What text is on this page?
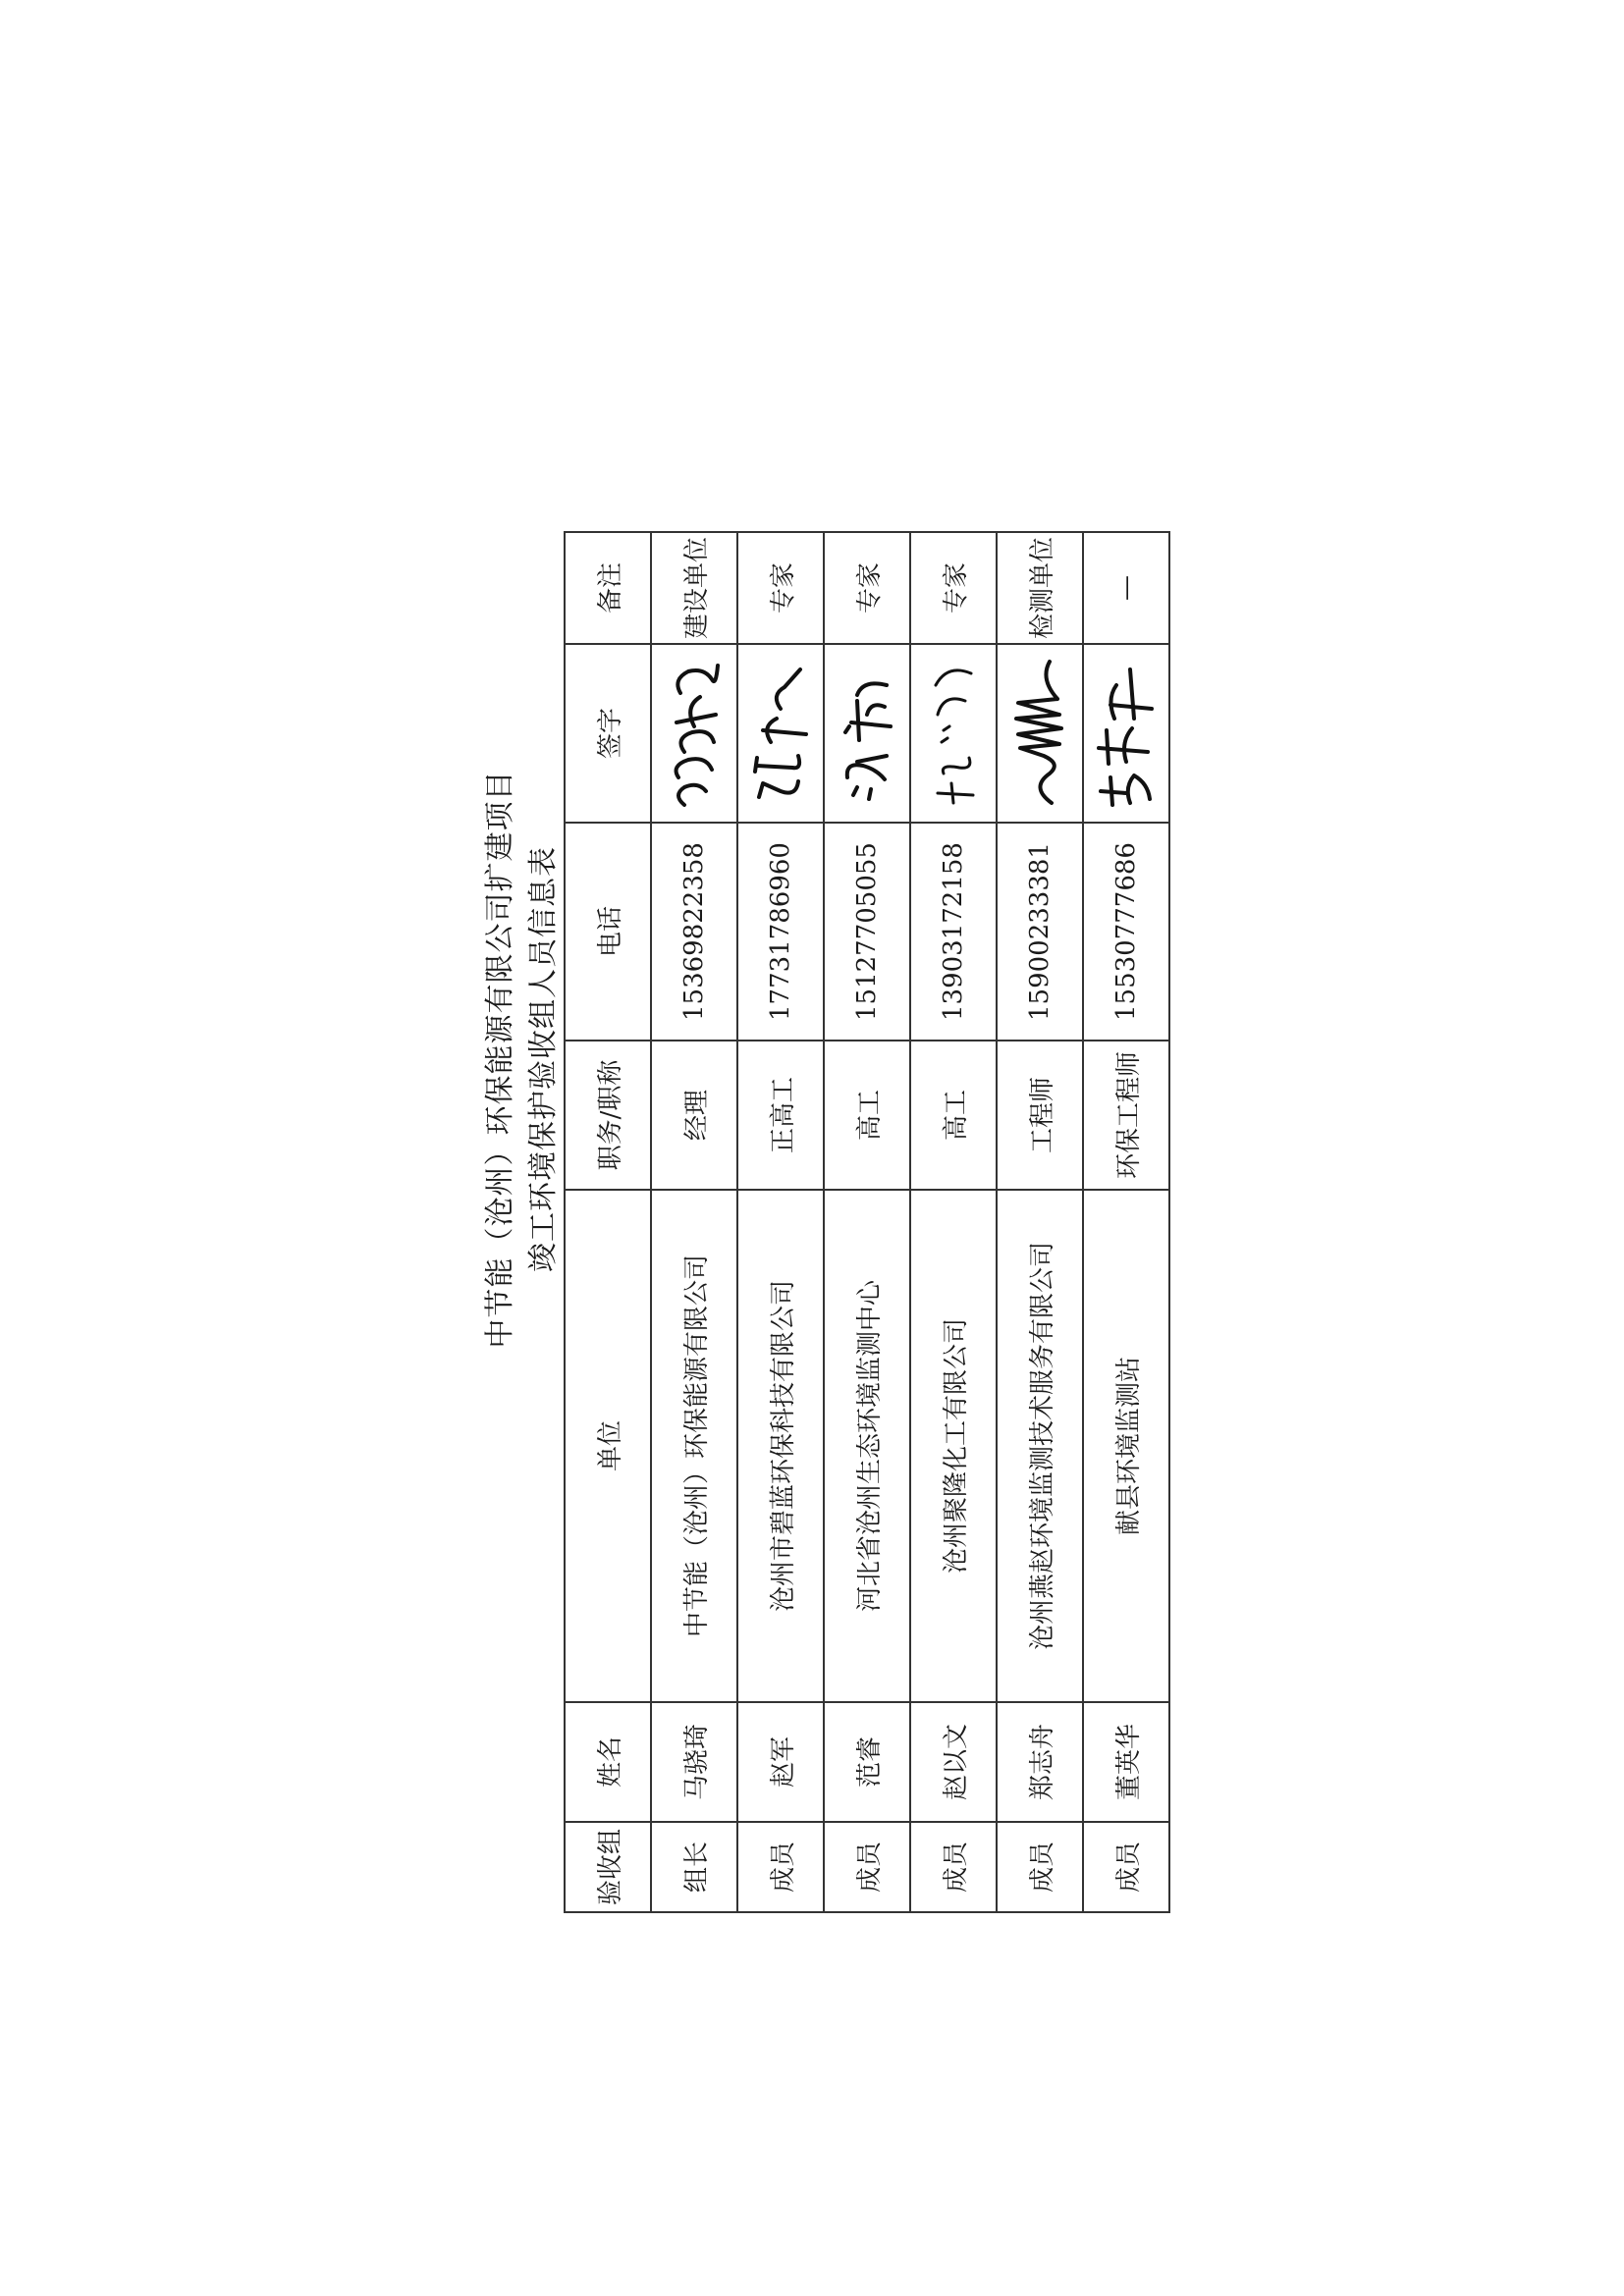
中节能（沧州）环保能源有限公司扩建项目 竣工环境保护验收组人员信息表
验收组	姓名	单位	职务/职称	电话	签字	备注
组长	马骁琦	中节能（沧州）环保能源有限公司	经理	15369822358		建设单位
成员	赵军	沧州市碧蓝环保科技有限公司	正高工	17731786960		专家
成员	范睿	河北省沧州生态环境监测中心	高工	15127705055		专家
成员	赵以文	沧州聚隆化工有限公司	高工	13903172158		专家
成员	郑志舟	沧州燕赵环境监测技术服务有限公司	工程师	15900233381		检测单位
成员	董英华	献县环境监测站	环保工程师	15530777686		—
